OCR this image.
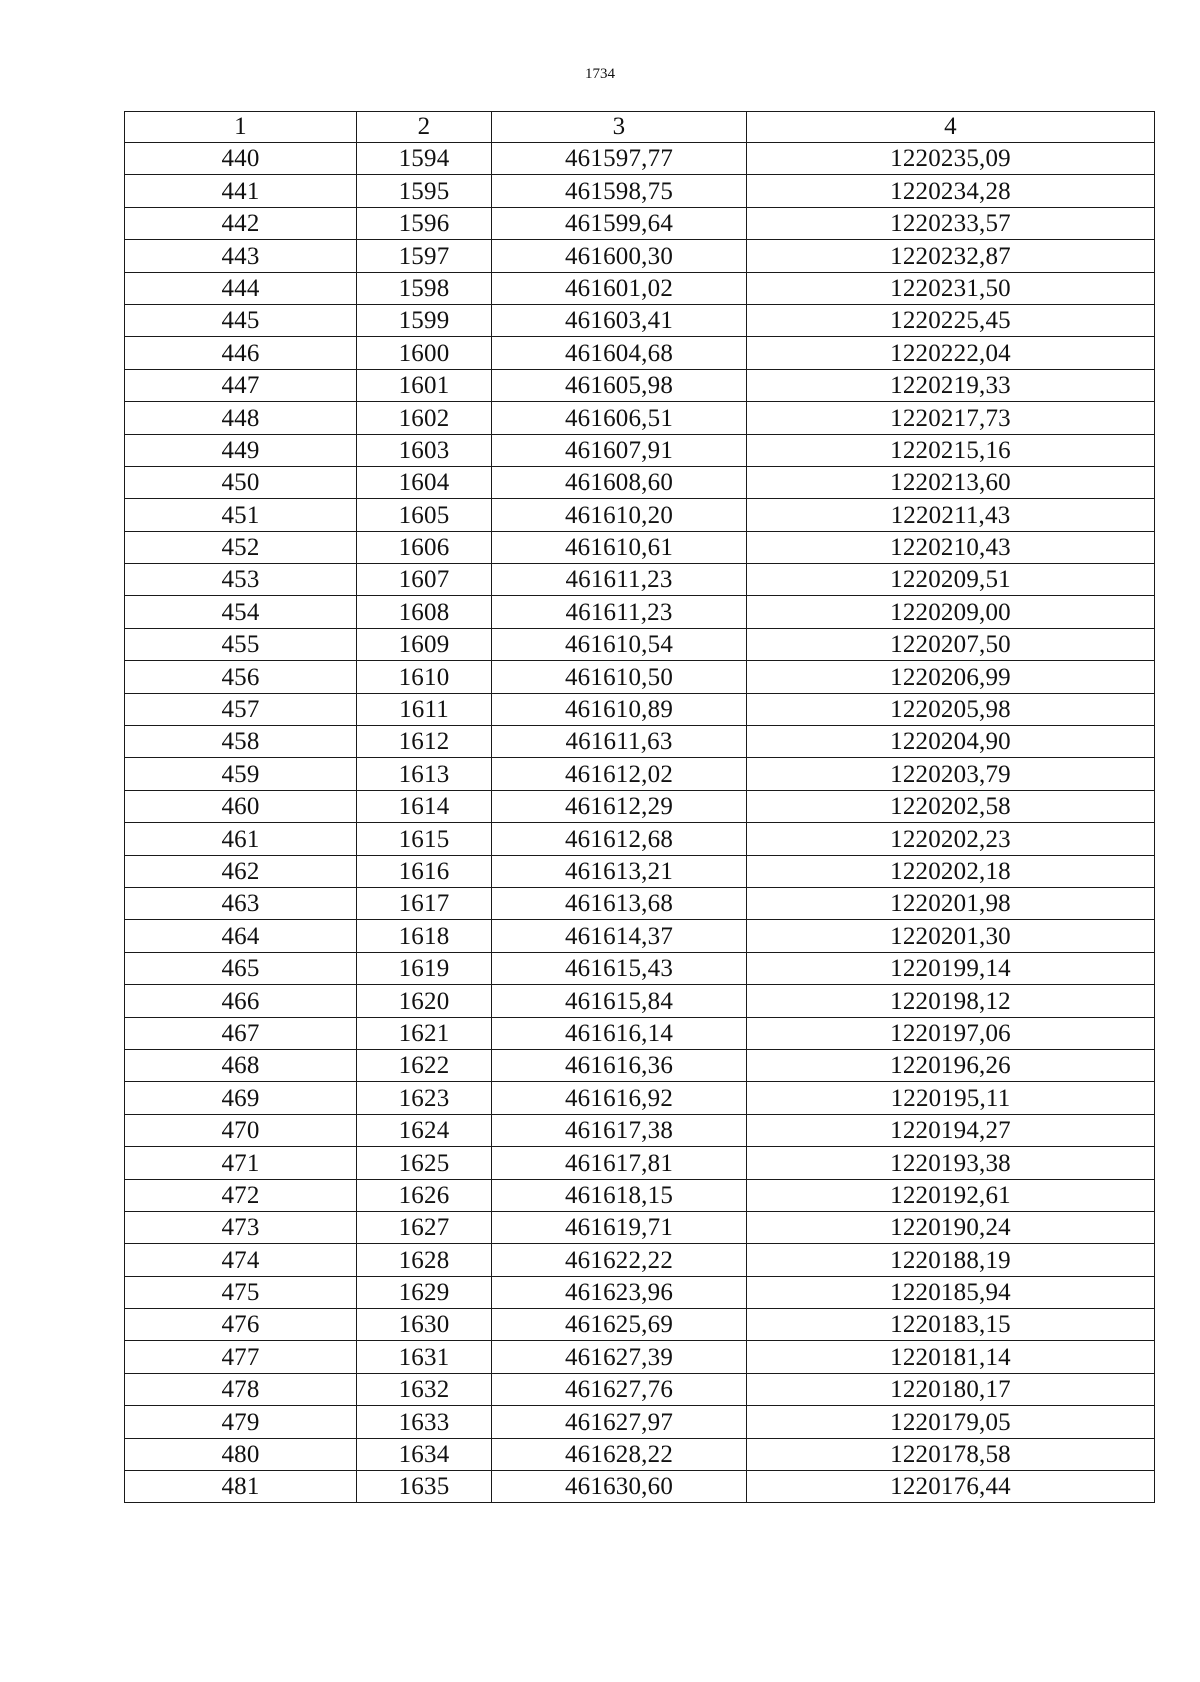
1734
1	2	3	4
440	1594	461597,77	1220235,09
441	1595	461598,75	1220234,28
442	1596	461599,64	1220233,57
443	1597	461600,30	1220232,87
444	1598	461601,02	1220231,50
445	1599	461603,41	1220225,45
446	1600	461604,68	1220222,04
447	1601	461605,98	1220219,33
448	1602	461606,51	1220217,73
449	1603	461607,91	1220215,16
450	1604	461608,60	1220213,60
451	1605	461610,20	1220211,43
452	1606	461610,61	1220210,43
453	1607	461611,23	1220209,51
454	1608	461611,23	1220209,00
455	1609	461610,54	1220207,50
456	1610	461610,50	1220206,99
457	1611	461610,89	1220205,98
458	1612	461611,63	1220204,90
459	1613	461612,02	1220203,79
460	1614	461612,29	1220202,58
461	1615	461612,68	1220202,23
462	1616	461613,21	1220202,18
463	1617	461613,68	1220201,98
464	1618	461614,37	1220201,30
465	1619	461615,43	1220199,14
466	1620	461615,84	1220198,12
467	1621	461616,14	1220197,06
468	1622	461616,36	1220196,26
469	1623	461616,92	1220195,11
470	1624	461617,38	1220194,27
471	1625	461617,81	1220193,38
472	1626	461618,15	1220192,61
473	1627	461619,71	1220190,24
474	1628	461622,22	1220188,19
475	1629	461623,96	1220185,94
476	1630	461625,69	1220183,15
477	1631	461627,39	1220181,14
478	1632	461627,76	1220180,17
479	1633	461627,97	1220179,05
480	1634	461628,22	1220178,58
481	1635	461630,60	1220176,44
